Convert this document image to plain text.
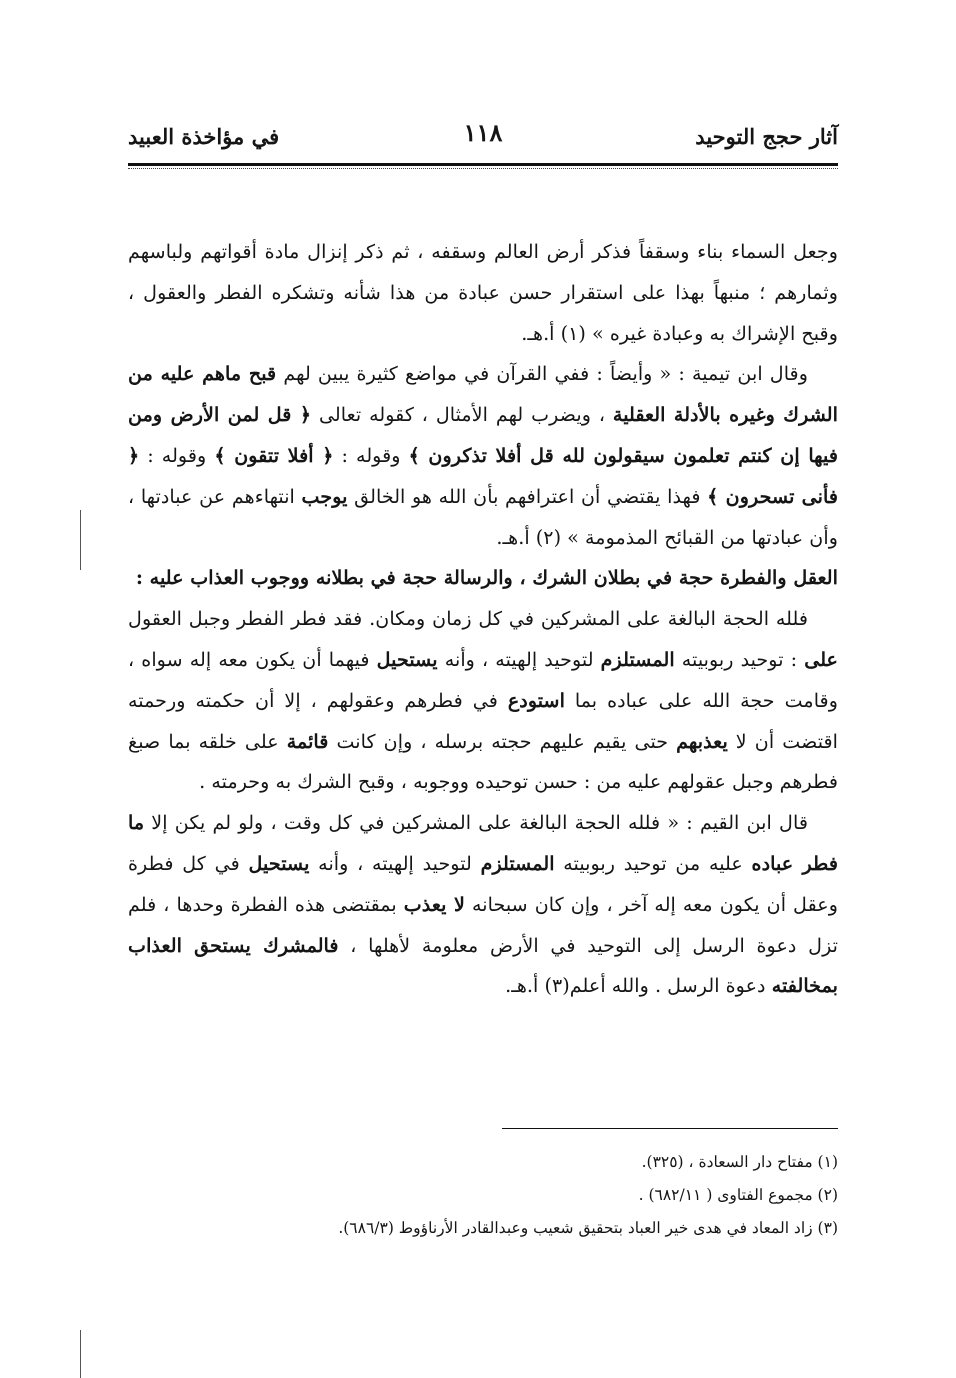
آثار حجج التوحيد
١١٨
في مؤاخذة العبيد

وجعل السماء بناء وسقفاً فذكر أرض العالم وسقفه ، ثم ذكر إنزال مادة أقواتهم ولباسهم وثمارهم ؛ منبهاً بهذا على استقرار حسن عبادة من هذا شأنه وتشكره الفطر والعقول ، وقبح الإشراك به وعبادة غيره » (١) أ.هـ.

وقال ابن تيمية : « وأيضاً : ففي القرآن في مواضع كثيرة يبين لهم قبح ماهم عليه من الشرك وغيره بالأدلة العقلية ، ويضرب لهم الأمثال ، كقوله تعالى ﴿ قل لمن الأرض ومن فيها إن كنتم تعلمون سيقولون لله قل أفلا تذكرون ﴾ وقوله : ﴿ أفلا تتقون ﴾ وقوله : ﴿ فأنى تسحرون ﴾ فهذا يقتضي أن اعترافهم بأن الله هو الخالق يوجب انتهاءهم عن عبادتها ، وأن عبادتها من القبائح المذمومة » (٢) أ.هـ.

العقل والفطرة حجة في بطلان الشرك ، والرسالة حجة في بطلانه ووجوب العذاب عليه :

فلله الحجة البالغة على المشركين في كل زمان ومكان. فقد فطر الفطر وجبل العقول على : توحيد ربوبيته المستلزم لتوحيد إلهيته ، وأنه يستحيل فيهما أن يكون معه إله سواه ، وقامت حجة الله على عباده بما استودع في فطرهم وعقولهم ، إلا أن حكمته ورحمته اقتضت أن لا يعذبهم حتى يقيم عليهم حجته برسله ، وإن كانت قائمة على خلقه بما صبغ فطرهم وجبل عقولهم عليه من : حسن توحيده ووجوبه ، وقبح الشرك به وحرمته .

قال ابن القيم : « فلله الحجة البالغة على المشركين في كل وقت ، ولو لم يكن إلا ما فطر عباده عليه من توحيد ربوبيته المستلزم لتوحيد إلهيته ، وأنه يستحيل في كل فطرة وعقل أن يكون معه إله آخر ، وإن كان سبحانه لا يعذب بمقتضى هذه الفطرة وحدها ، فلم تزل دعوة الرسل إلى التوحيد في الأرض معلومة لأهلها ، فالمشرك يستحق العذاب بمخالفته دعوة الرسل . والله أعلم(٣) أ.هـ.

(١) مفتاح دار السعادة ، (٣٢٥).
(٢) مجموع الفتاوى ( ٦٨٢/١١) .
(٣) زاد المعاد في هدى خير العباد بتحقيق شعيب وعبدالقادر الأرناؤوط (٦٨٦/٣).
